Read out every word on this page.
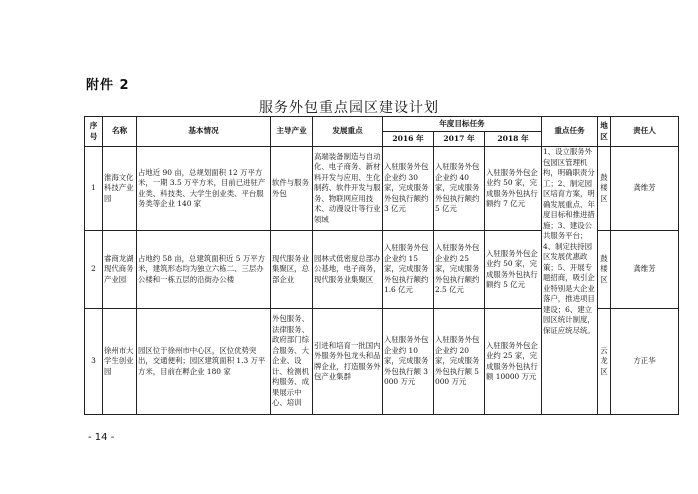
附件 2
服务外包重点园区建设计划
序号	名称	基本情况	主导产业	发展重点	年度目标任务			重点任务	地区	责任人
					2016 年	2017 年	2018 年			
1	淮海文化科技产业园	占地近 90 亩，总规划面积 12 万平方米，一期 3.5 万平方米，目前已进驻产业类、科技类、大学生创业类、平台服务类等企业 140 家	软件与服务外包	高端装备制造与自动化、电子商务、新材料开发与应用、生化制药、软件开发与服务、物联网应用技术、动漫设计等行业领域	入驻服务外包企业约 30 家，完成服务外包执行额约 3 亿元	入驻服务外包企业约 40 家，完成服务外包执行额约 5 亿元	入驻服务外包企业约 50 家，完成服务外包执行额约 7 亿元	1、设立服务外包园区管理机构，明确职责分工；2、制定园区培育方案，明确发展重点、年度目标和推进措施；3、建设公共服务平台；4、制定扶持园区发展优惠政策；5、开展专题招商，吸引企业特别是大企业落户，推进项目建设；6、建立园区统计制度，保证应统尽统。	鼓楼区	龚维芳
2	睿商龙湖现代商务产业园	占地约 58 亩，总建筑面积近 5 万平方米，建筑形态均为独立六栋二、三层办公楼和一栋五层的沿街办公楼	现代服务业集聚区，总部企业	园林式低密度总部办公基地，电子商务，现代服务业集聚区	入驻服务外包企业约 15 家，完成服务外包执行额约 1.6 亿元	入驻服务外包企业约 25 家，完成服务外包执行额约 2.5 亿元	入驻服务外包企业约 50 家，完成服务外包执行额约 5 亿元		鼓楼区	龚维芳
3	徐州市大学生创业园	园区位于徐州市中心区，区位优势突出，交通便利；园区建筑面积 1.3 万平方米，目前在孵企业 180 家	外包服务、法律服务、政府部门综合服务、大企业、设计、检测机构服务、成果展示中心、培训	引进和培育一批国内外服务外包龙头和品牌企业，打造服务外包产业集群	入驻服务外包企业约 10 家，完成服务外包执行额 3000 万元	入驻服务外包企业约 20 家，完成服务外包执行额 5000 万元	入驻服务外包企业约 25 家，完成服务外包执行额 10000 万元		云龙区	方正华
- 14 -
